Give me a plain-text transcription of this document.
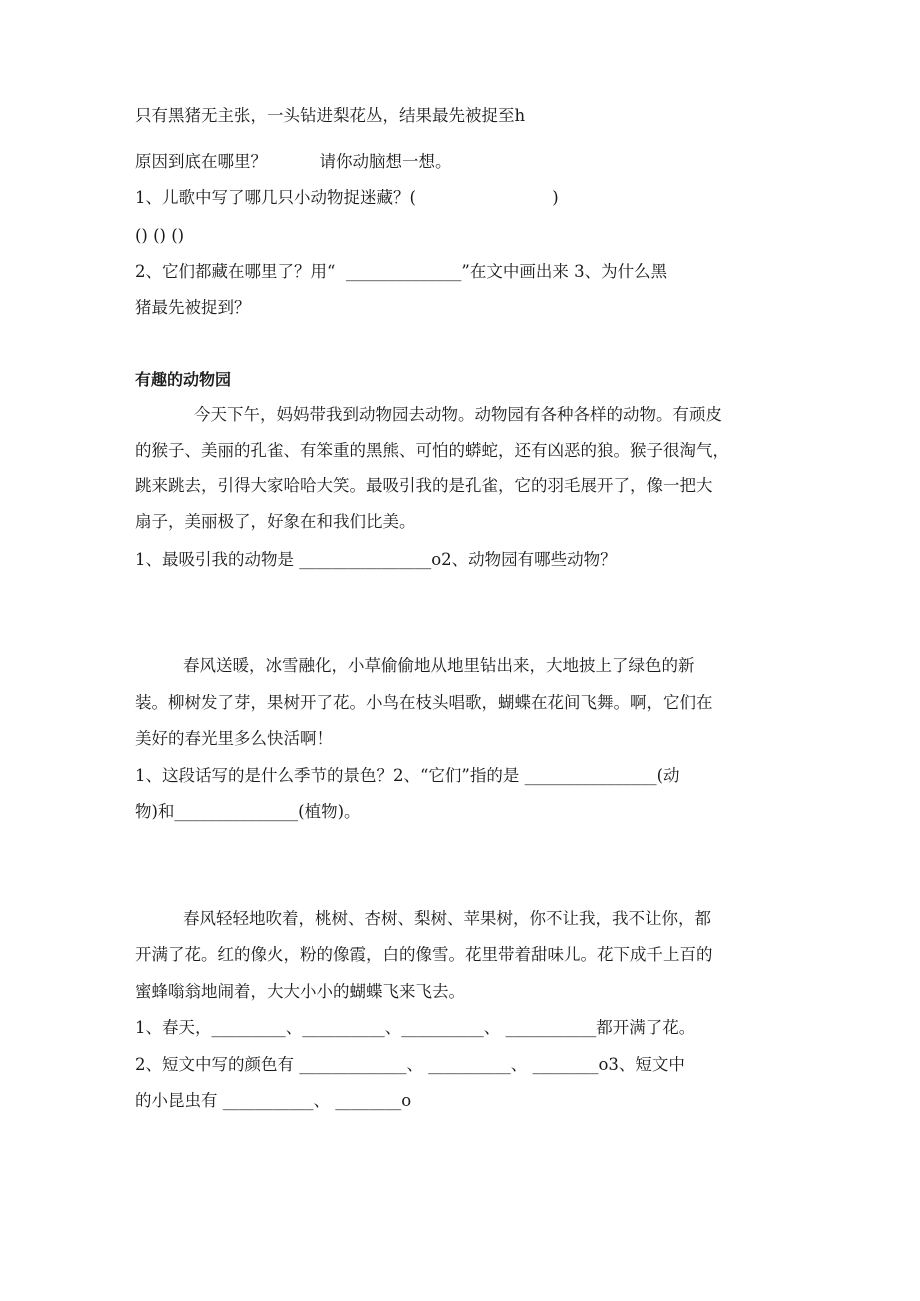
只有黑猪无主张，一头钻进梨花丛，结果最先被捉至h
原因到底在哪里？          请你动脑想一想。
1、儿歌中写了哪几只小动物捉迷藏？(                          )
() () ()
2、它们都藏在哪里了？用“  ______________”在文中画出来 3、为什么黑
猪最先被捉到？
有趣的动物园
今天下午，妈妈带我到动物园去动物。动物园有各种各样的动物。有顽皮
的猴子、美丽的孔雀、有笨重的黑熊、可怕的蟒蛇，还有凶恶的狼。猴子很淘气，
跳来跳去，引得大家哈哈大笑。最吸引我的是孔雀，它的羽毛展开了，像一把大
扇子，美丽极了，好象在和我们比美。
1、最吸引我的动物是 ________________o2、动物园有哪些动物？
春风送暖，冰雪融化，小草偷偷地从地里钻出来，大地披上了绿色的新
装。柳树发了芽，果树开了花。小鸟在枝头唱歌，蝴蝶在花间飞舞。啊，它们在
美好的春光里多么快活啊！
1、这段话写的是什么季节的景色？2、“它们”指的是 ________________(动
物)和_______________(植物)。
春风轻轻地吹着，桃树、杏树、梨树、苹果树，你不让我，我不让你，都
开满了花。红的像火，粉的像霞，白的像雪。花里带着甜味儿。花下成千上百的
蜜蜂嗡翁地闹着，大大小小的蝴蝶飞来飞去。
1、春天，_________、__________、__________、 ___________都开满了花。
2、短文中写的颜色有 _____________、 __________、 ________o3、短文中
的小昆虫有 ___________、 ________o
